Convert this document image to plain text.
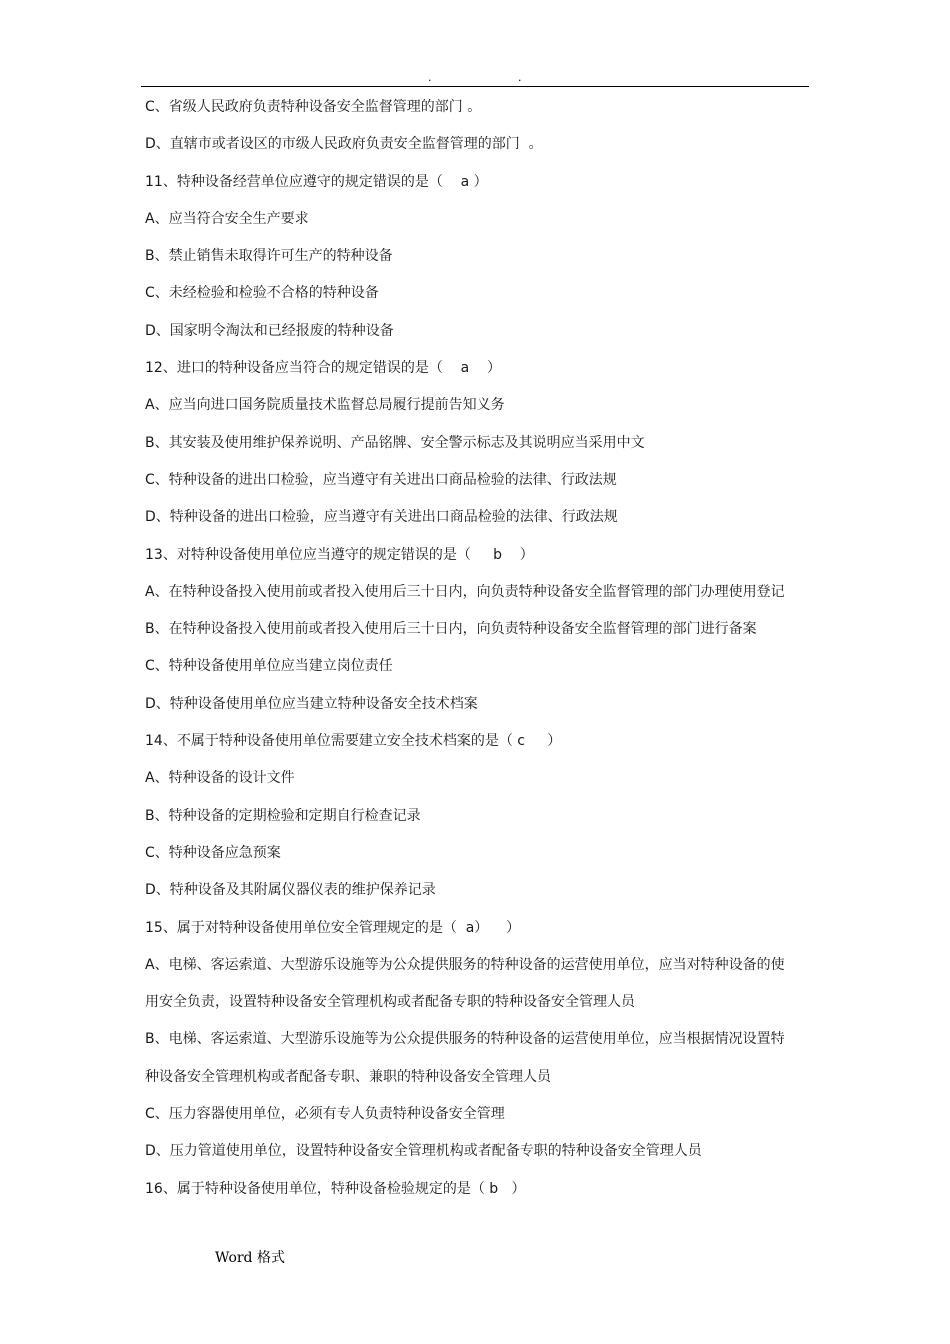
.	.
C、省级人民政府负责特种设备安全监督管理的部门 。
D、直辖市或者设区的市级人民政府负责安全监督管理的部门  。
11、特种设备经营单位应遵守的规定错误的是（    a ）
A、应当符合安全生产要求
B、禁止销售未取得许可生产的特种设备
C、未经检验和检验不合格的特种设备
D、国家明令淘汰和已经报废的特种设备
12、进口的特种设备应当符合的规定错误的是（    a    ）
A、应当向进口国务院质量技术监督总局履行提前告知义务
B、其安装及使用维护保养说明、产品铭牌、安全警示标志及其说明应当采用中文
C、特种设备的进出口检验，应当遵守有关进出口商品检验的法律、行政法规
D、特种设备的进出口检验，应当遵守有关进出口商品检验的法律、行政法规
13、对特种设备使用单位应当遵守的规定错误的是（     b    ）
A、在特种设备投入使用前或者投入使用后三十日内，向负责特种设备安全监督管理的部门办理使用登记
B、在特种设备投入使用前或者投入使用后三十日内，向负责特种设备安全监督管理的部门进行备案
C、特种设备使用单位应当建立岗位责任
D、特种设备使用单位应当建立特种设备安全技术档案
14、不属于特种设备使用单位需要建立安全技术档案的是（ c     ）
A、特种设备的设计文件
B、特种设备的定期检验和定期自行检查记录
C、特种设备应急预案
D、特种设备及其附属仪器仪表的维护保养记录
15、属于对特种设备使用单位安全管理规定的是（  a）    ）
A、电梯、客运索道、大型游乐设施等为公众提供服务的特种设备的运营使用单位，应当对特种设备的使
用安全负责，设置特种设备安全管理机构或者配备专职的特种设备安全管理人员
B、电梯、客运索道、大型游乐设施等为公众提供服务的特种设备的运营使用单位，应当根据情况设置特
种设备安全管理机构或者配备专职、兼职的特种设备安全管理人员
C、压力容器使用单位，必须有专人负责特种设备安全管理
D、压力管道使用单位，设置特种设备安全管理机构或者配备专职的特种设备安全管理人员
16、属于特种设备使用单位，特种设备检验规定的是（ b   ）
Word 格式
